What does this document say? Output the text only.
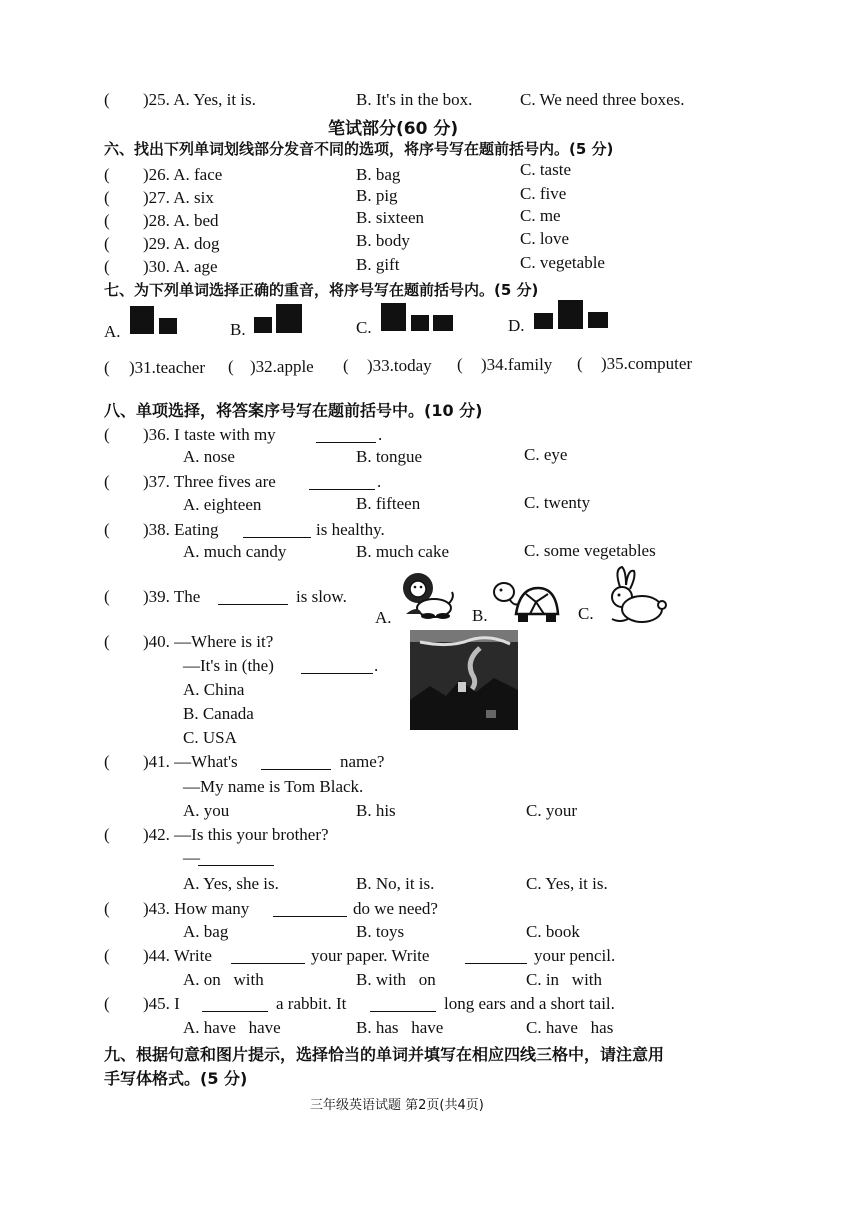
( )25. A. Yes, it is.	B. It's in the box.	C. We need three boxes.
笔试部分(60 分)
六、找出下列单词划线部分发音不同的选项，将序号写在题前括号内。(5 分)
( )26. A. face	B. bag	C. taste
( )27. A. six	B. pig	C. five
( )28. A. bed	B. sixteen	C. me
( )29. A. dog	B. body	C. love
( )30. A. age	B. gift	C. vegetable
七、为下列单词选择正确的重音，将序号写在题前括号内。(5 分)
A.	B.	C.	D.
( )31.teacher ( )32.apple ( )33.today ( )34.family ( )35.computer
八、单项选择，将答案序号写在题前括号中。(10 分)
( )36. I taste with my	.
A. nose	B. tongue	C. eye
( )37. Three fives are	.
A. eighteen	B. fifteen	C. twenty
( )38. Eating	is healthy.
A. much candy	B. much cake	C. some vegetables
( )39. The	is slow.
A.	B.	C.
( )40. —Where is it?
—It's in (the)	.
A. China
B. Canada
C. USA
( )41. —What's	name?
—My name is Tom Black.
A. you	B. his	C. your
( )42. —Is this your brother?
—
A. Yes, she is.	B. No, it is.	C. Yes, it is.
( )43. How many	do we need?
A. bag	B. toys	C. book
( )44. Write	your paper. Write	your pencil.
A. on   with	B. with   on	C. in   with
( )45. I	a rabbit. It	long ears and a short tail.
A. have   have	B. has   have	C. have   has
九、根据句意和图片提示，选择恰当的单词并填写在相应四线三格中，请注意用
手写体格式。(5 分)
三年级英语试题 第2页(共4页)
